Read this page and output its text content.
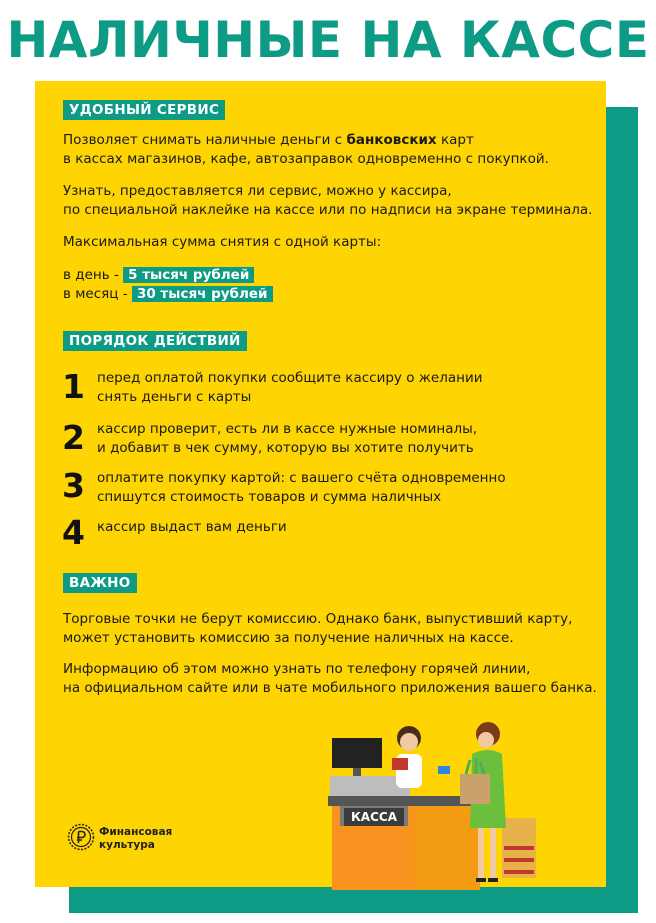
НАЛИЧНЫЕ НА КАССЕ
УДОБНЫЙ СЕРВИС
Позволяет снимать наличные деньги с банковских карт
в кассах магазинов, кафе, автозаправок одновременно с покупкой.
Узнать, предоставляется ли сервис, можно у кассира,
по специальной наклейке на кассе или по надписи на экране терминала.
Максимальная сумма снятия с одной карты:
в день - 5 тысяч рублей
в месяц - 30 тысяч рублей
ПОРЯДОК ДЕЙСТВИЙ
1 перед оплатой покупки сообщите кассиру о желании
снять деньги с карты
2 кассир проверит, есть ли в кассе нужные номиналы,
и добавит в чек сумму, которую вы хотите получить
3 оплатите покупку картой: с вашего счёта одновременно
спишутся стоимость товаров и сумма наличных
4 кассир выдаст вам деньги
ВАЖНО
Торговые точки не берут комиссию. Однако банк, выпустивший карту,
может установить комиссию за получение наличных на кассе.
Информацию об этом можно узнать по телефону горячей линии,
на официальном сайте или в чате мобильного приложения вашего банка.
Финансовая
культура
КАССА
